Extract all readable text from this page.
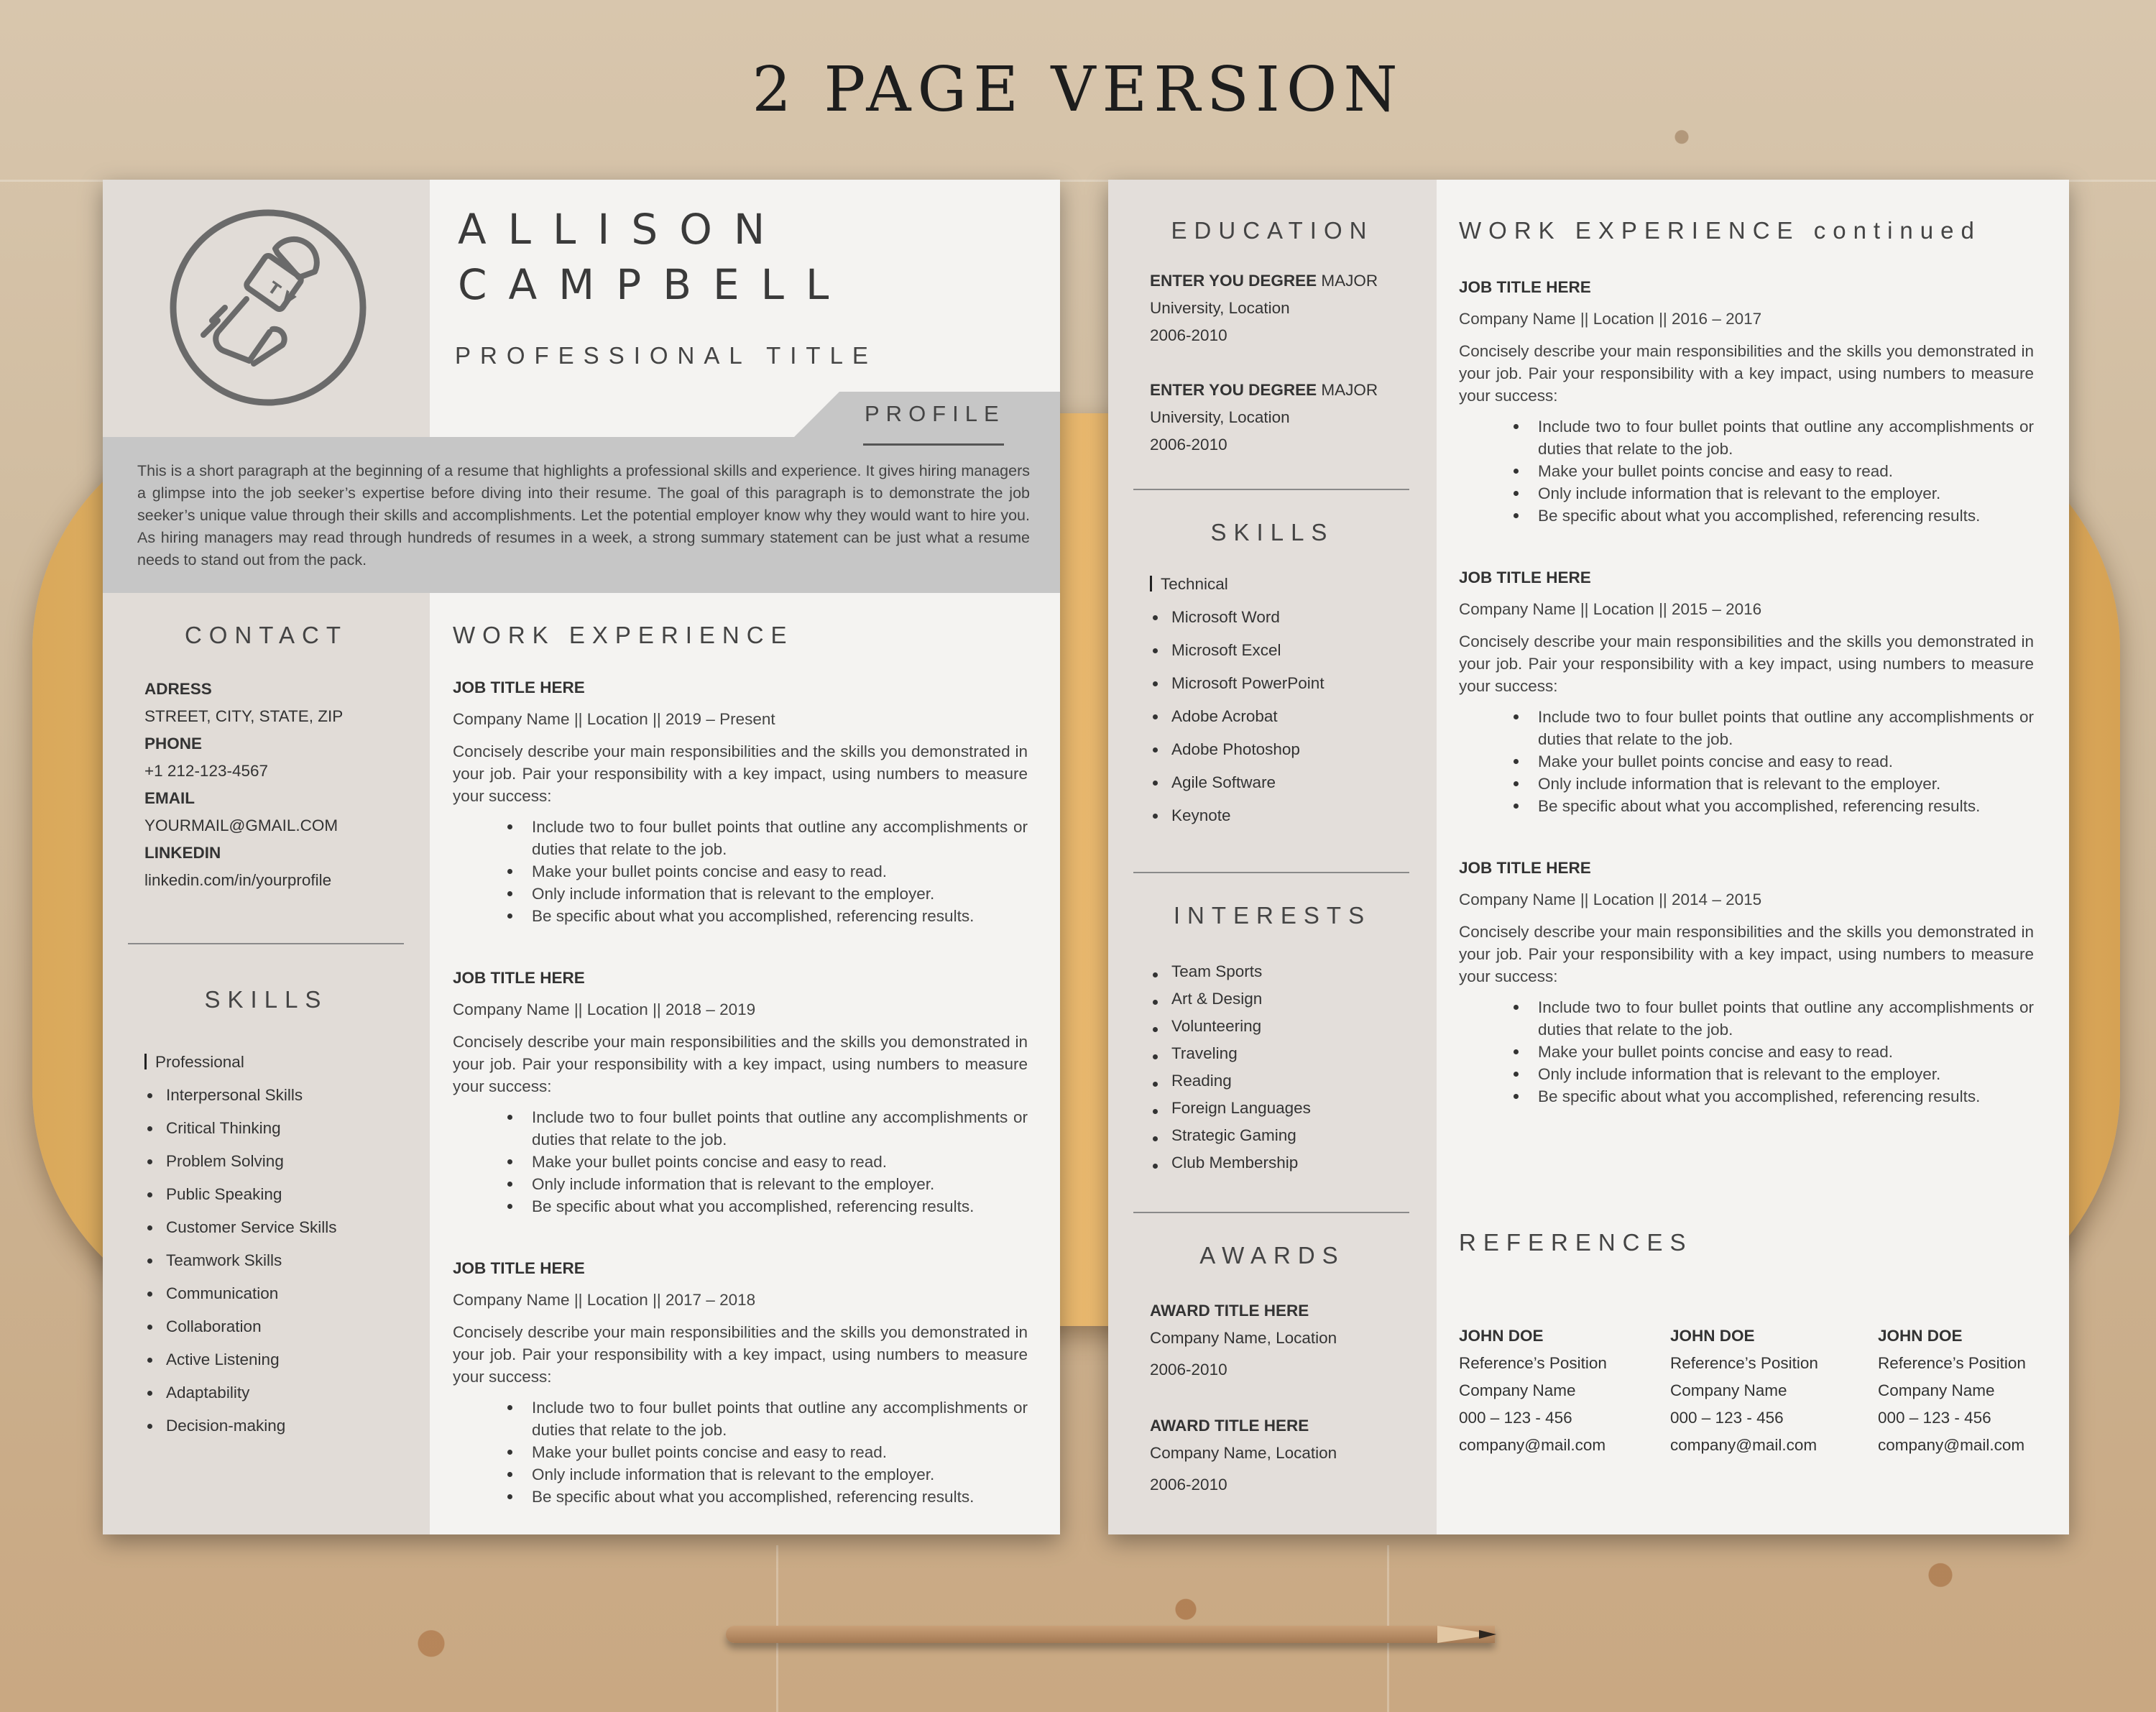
2 PAGE VERSION
T V
ALLISON
CAMPBELL
PROFESSIONAL TITLE
PROFILE

This is a short paragraph at the beginning of a resume that highlights a professional skills and experience. It gives hiring managers a glimpse into the job seeker’s expertise before diving into their resume. The goal of this paragraph is to demonstrate the job seeker’s unique value through their skills and accomplishments. Let the potential employer know why they would want to hire you. As hiring managers may read through hundreds of resumes in a week, a strong summary statement can be just what a resume needs to stand out from the pack.

CONTACT
ADRESS
STREET, CITY, STATE, ZIP
PHONE
+1 212-123-4567
EMAIL
YOURMAIL@GMAIL.COM
LINKEDIN
linkedin.com/in/yourprofile
SKILLS
Professional
Interpersonal Skills
Critical Thinking
Problem Solving
Public Speaking
Customer Service Skills
Teamwork Skills
Communication
Collaboration
Active Listening
Adaptability
Decision-making
WORK EXPERIENCE
JOB TITLE HERE
Company Name || Location || 2019 – Present
Concisely describe your main responsibilities and the skills you demonstrated in your job. Pair your responsibility with a key impact, using numbers to measure your success:
Include two to four bullet points that outline any accomplishments or duties that relate to the job.
Make your bullet points concise and easy to read.
Only include information that is relevant to the employer.
Be specific about what you accomplished, referencing results.
JOB TITLE HERE
Company Name || Location || 2018 – 2019
Concisely describe your main responsibilities and the skills you demonstrated in your job. Pair your responsibility with a key impact, using numbers to measure your success:
Include two to four bullet points that outline any accomplishments or duties that relate to the job.
Make your bullet points concise and easy to read.
Only include information that is relevant to the employer.
Be specific about what you accomplished, referencing results.
JOB TITLE HERE
Company Name || Location || 2017 – 2018
Concisely describe your main responsibilities and the skills you demonstrated in your job. Pair your responsibility with a key impact, using numbers to measure your success:
Include two to four bullet points that outline any accomplishments or duties that relate to the job.
Make your bullet points concise and easy to read.
Only include information that is relevant to the employer.
Be specific about what you accomplished, referencing results.
EDUCATION
ENTER YOU DEGREE MAJOR
University, Location
2006-2010
ENTER YOU DEGREE MAJOR
University, Location
2006-2010
SKILLS
Technical
Microsoft Word
Microsoft Excel
Microsoft PowerPoint
Adobe Acrobat
Adobe Photoshop
Agile Software
Keynote
INTERESTS
Team Sports
Art & Design
Volunteering
Traveling
Reading
Foreign Languages
Strategic Gaming
Club Membership
AWARDS
AWARD TITLE HERE
Company Name, Location
2006-2010
AWARD TITLE HERE
Company Name, Location
2006-2010
WORK EXPERIENCE continued
JOB TITLE HERE
Company Name || Location || 2016 – 2017
Concisely describe your main responsibilities and the skills you demonstrated in your job. Pair your responsibility with a key impact, using numbers to measure your success:
Include two to four bullet points that outline any accomplishments or duties that relate to the job.
Make your bullet points concise and easy to read.
Only include information that is relevant to the employer.
Be specific about what you accomplished, referencing results.
JOB TITLE HERE
Company Name || Location || 2015 – 2016
Concisely describe your main responsibilities and the skills you demonstrated in your job. Pair your responsibility with a key impact, using numbers to measure your success:
Include two to four bullet points that outline any accomplishments or duties that relate to the job.
Make your bullet points concise and easy to read.
Only include information that is relevant to the employer.
Be specific about what you accomplished, referencing results.
JOB TITLE HERE
Company Name || Location || 2014 – 2015
Concisely describe your main responsibilities and the skills you demonstrated in your job. Pair your responsibility with a key impact, using numbers to measure your success:
Include two to four bullet points that outline any accomplishments or duties that relate to the job.
Make your bullet points concise and easy to read.
Only include information that is relevant to the employer.
Be specific about what you accomplished, referencing results.
REFERENCES
JOHN DOE
Reference’s Position
Company Name
000 – 123 - 456
company@mail.com
JOHN DOE
Reference’s Position
Company Name
000 – 123 - 456
company@mail.com
JOHN DOE
Reference’s Position
Company Name
000 – 123 - 456
company@mail.com
